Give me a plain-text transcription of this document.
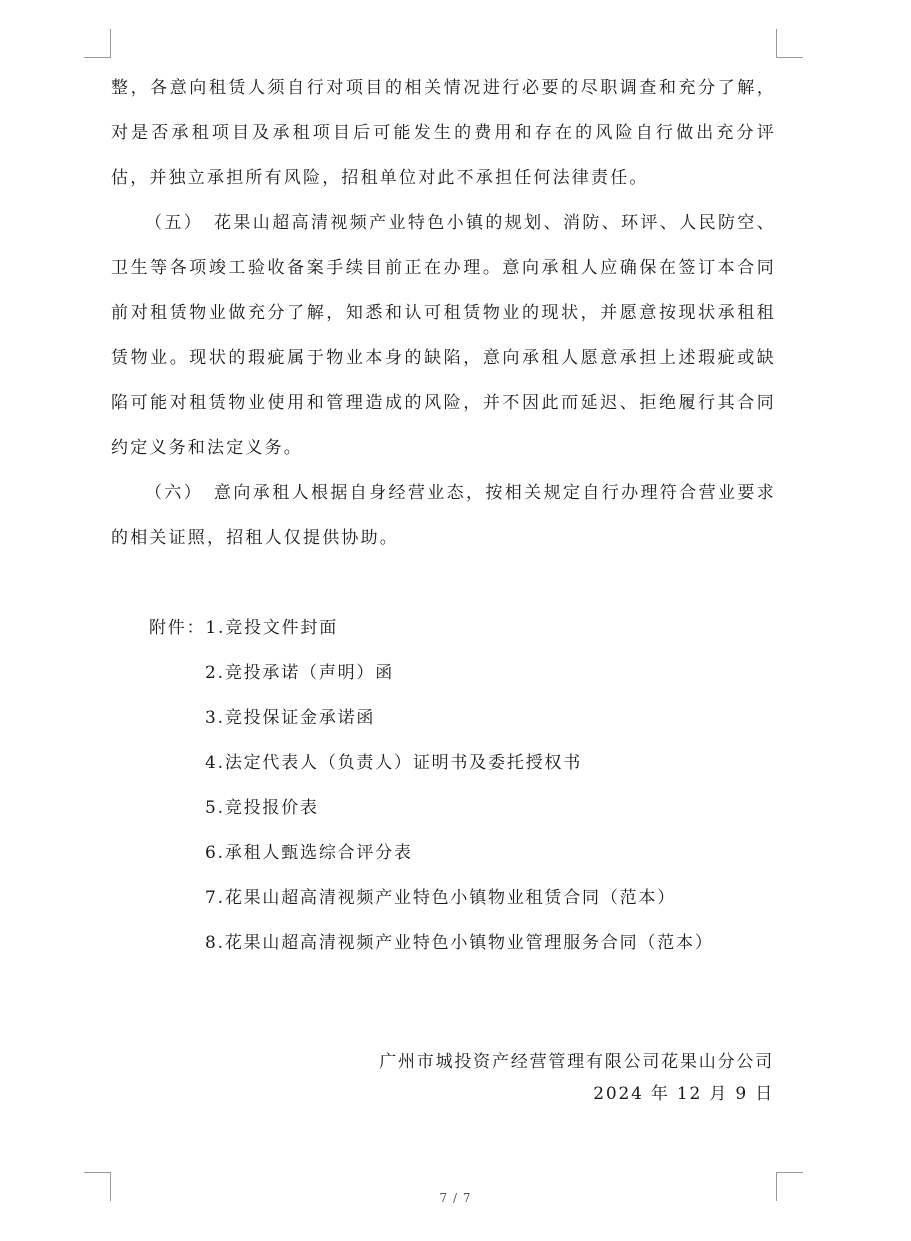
整，各意向租赁人须自行对项目的相关情况进行必要的尽职调查和充分了解，对是否承租项目及承租项目后可能发生的费用和存在的风险自行做出充分评估，并独立承担所有风险，招租单位对此不承担任何法律责任。

（五）　花果山超高清视频产业特色小镇的规划、消防、环评、人民防空、卫生等各项竣工验收备案手续目前正在办理。意向承租人应确保在签订本合同前对租赁物业做充分了解，知悉和认可租赁物业的现状，并愿意按现状承租租赁物业。现状的瑕疵属于物业本身的缺陷，意向承租人愿意承担上述瑕疵或缺陷可能对租赁物业使用和管理造成的风险，并不因此而延迟、拒绝履行其合同约定义务和法定义务。

（六）　意向承租人根据自身经营业态，按相关规定自行办理符合营业要求的相关证照，招租人仅提供协助。

附件：1.竞投文件封面

2.竞投承诺（声明）函

3.竞投保证金承诺函

4.法定代表人（负责人）证明书及委托授权书

5.竞投报价表

6.承租人甄选综合评分表

7.花果山超高清视频产业特色小镇物业租赁合同（范本）

8.花果山超高清视频产业特色小镇物业管理服务合同（范本）

广州市城投资产经营管理有限公司花果山分公司
2024 年 12 月 9 日
7 / 7
